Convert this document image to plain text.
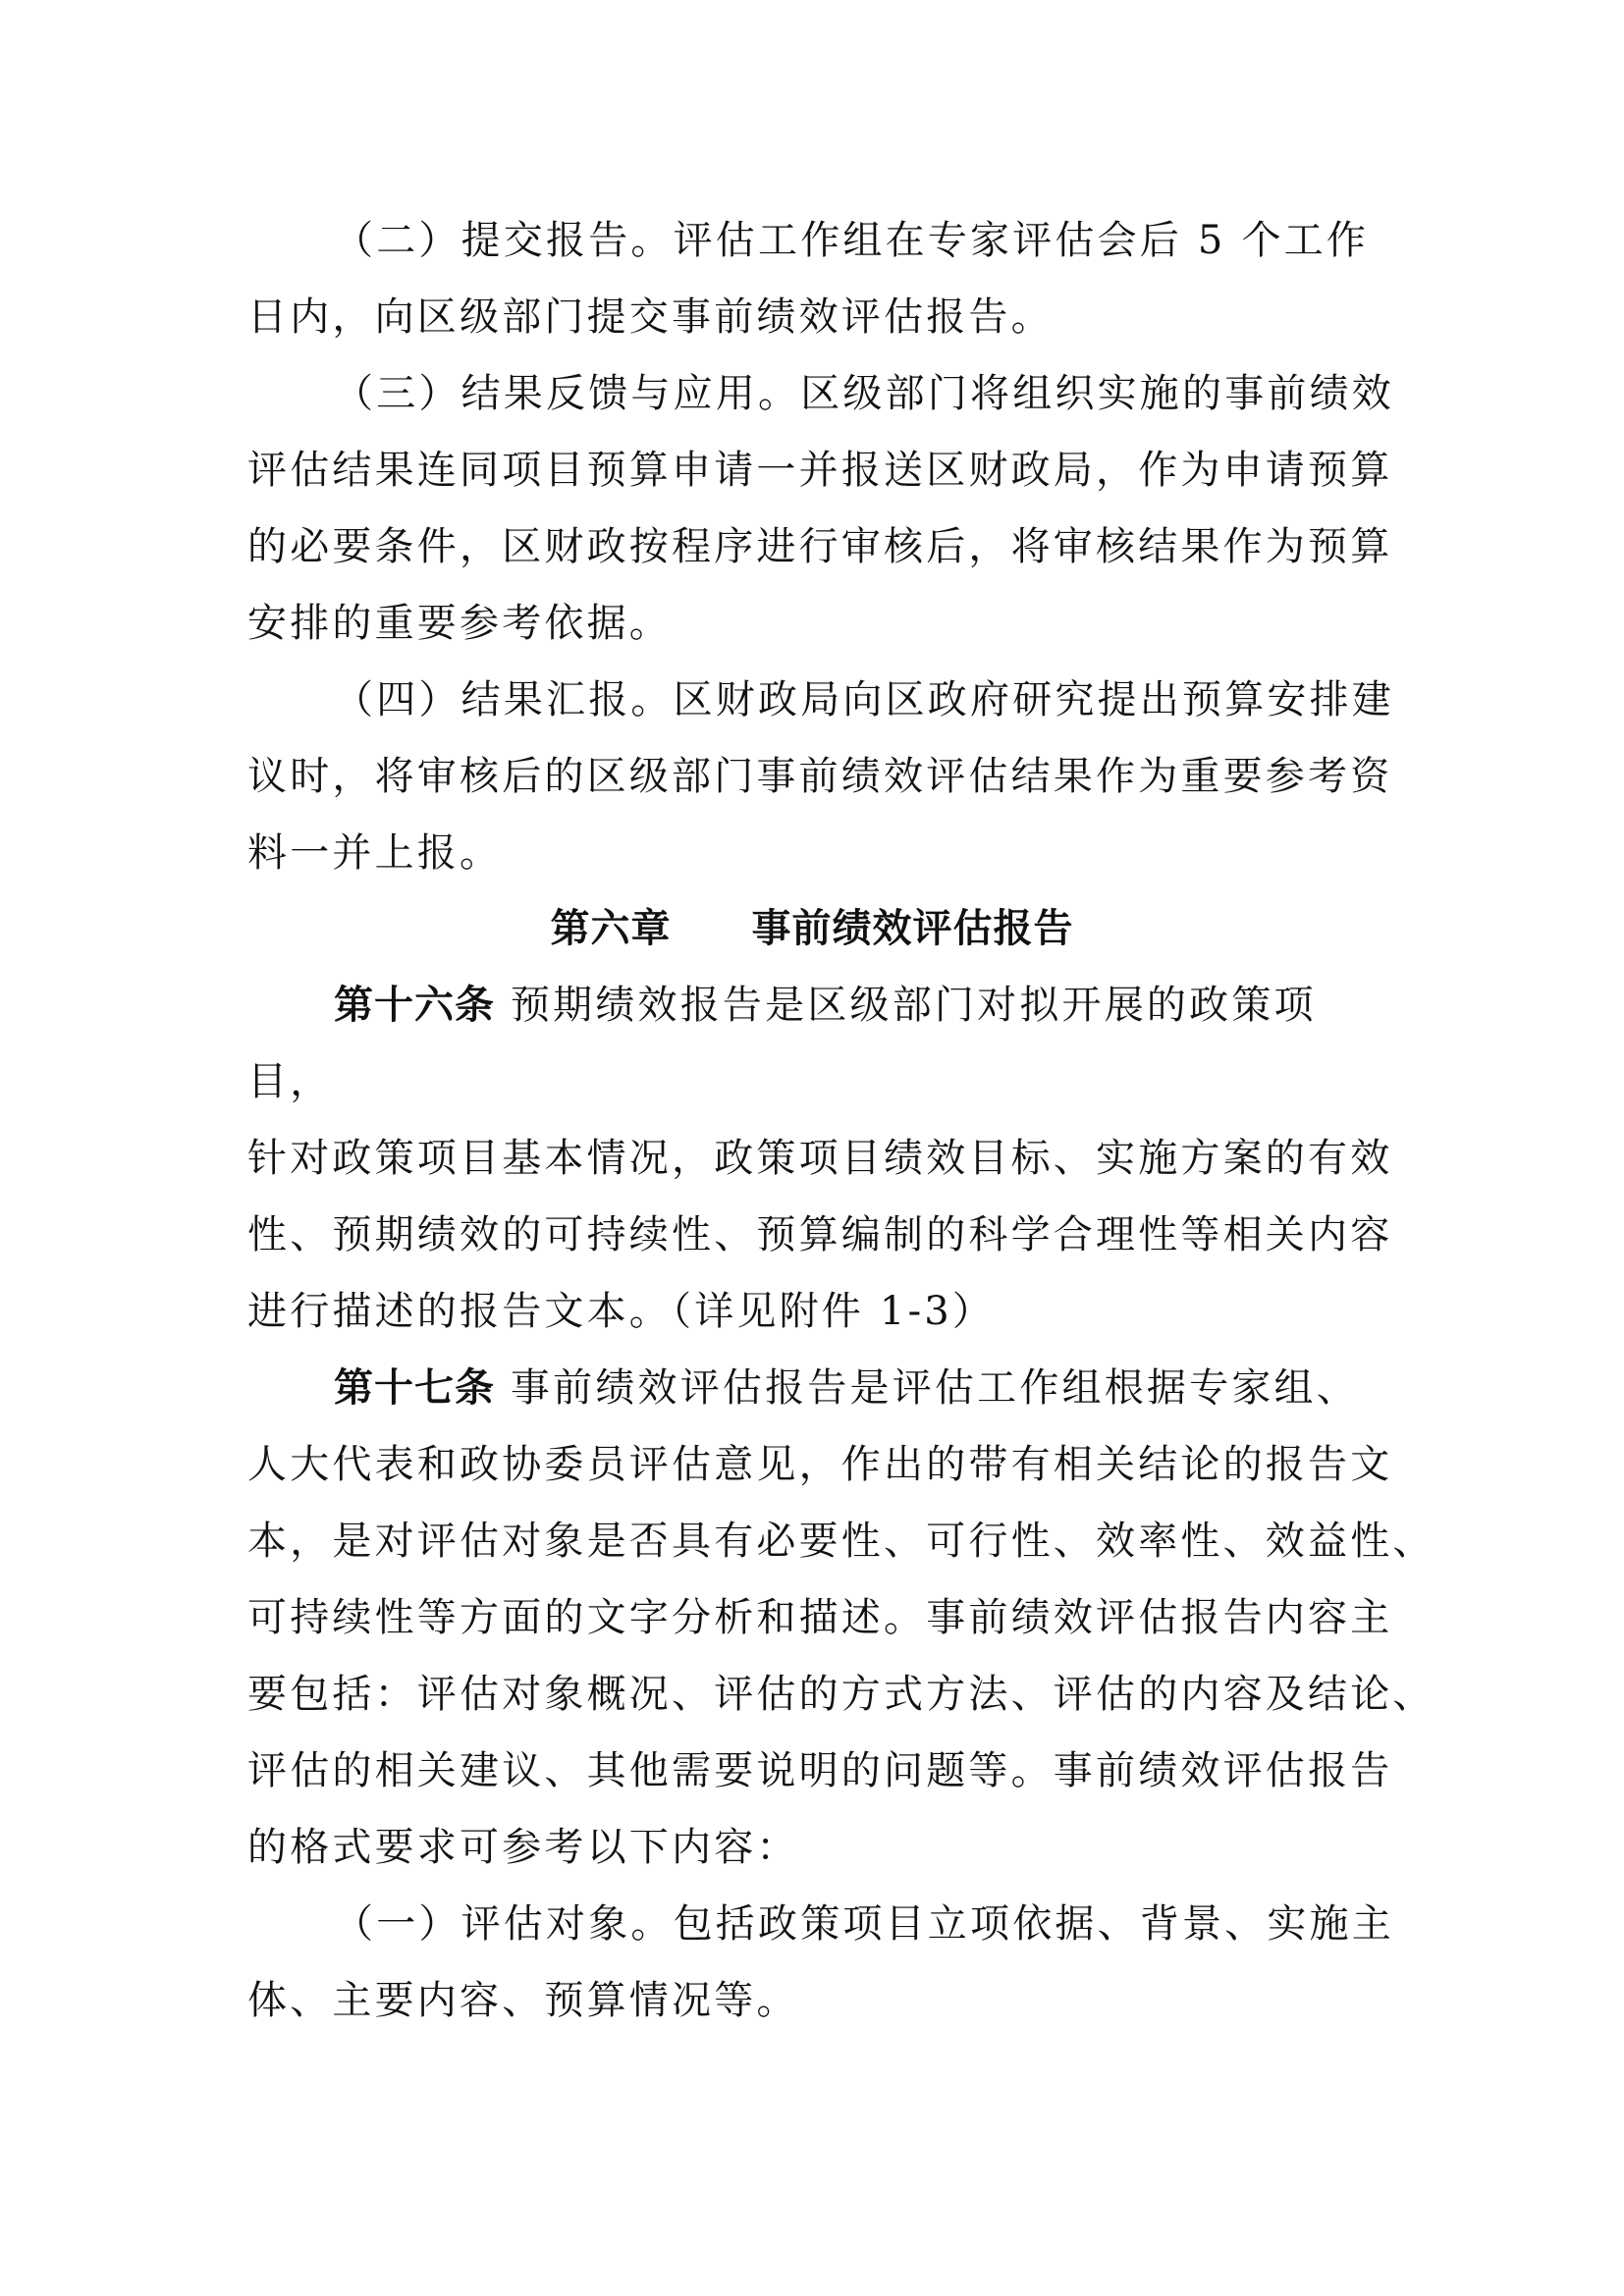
（二）提交报告。评估工作组在专家评估会后 5 个工作
日内，向区级部门提交事前绩效评估报告。
（三）结果反馈与应用。区级部门将组织实施的事前绩效
评估结果连同项目预算申请一并报送区财政局，作为申请预算
的必要条件，区财政按程序进行审核后，将审核结果作为预算
安排的重要参考依据。
（四）结果汇报。区财政局向区政府研究提出预算安排建
议时，将审核后的区级部门事前绩效评估结果作为重要参考资
料一并上报。
第六章　　事前绩效评估报告
第十六条 预期绩效报告是区级部门对拟开展的政策项
目，
针对政策项目基本情况，政策项目绩效目标、实施方案的有效
性、预期绩效的可持续性、预算编制的科学合理性等相关内容
进行描述的报告文本。（详见附件 1-3）
第十七条 事前绩效评估报告是评估工作组根据专家组、
人大代表和政协委员评估意见，作出的带有相关结论的报告文
本，是对评估对象是否具有必要性、可行性、效率性、效益性、
可持续性等方面的文字分析和描述。事前绩效评估报告内容主
要包括：评估对象概况、评估的方式方法、评估的内容及结论、
评估的相关建议、其他需要说明的问题等。事前绩效评估报告
的格式要求可参考以下内容：
（一）评估对象。包括政策项目立项依据、背景、实施主
体、主要内容、预算情况等。
